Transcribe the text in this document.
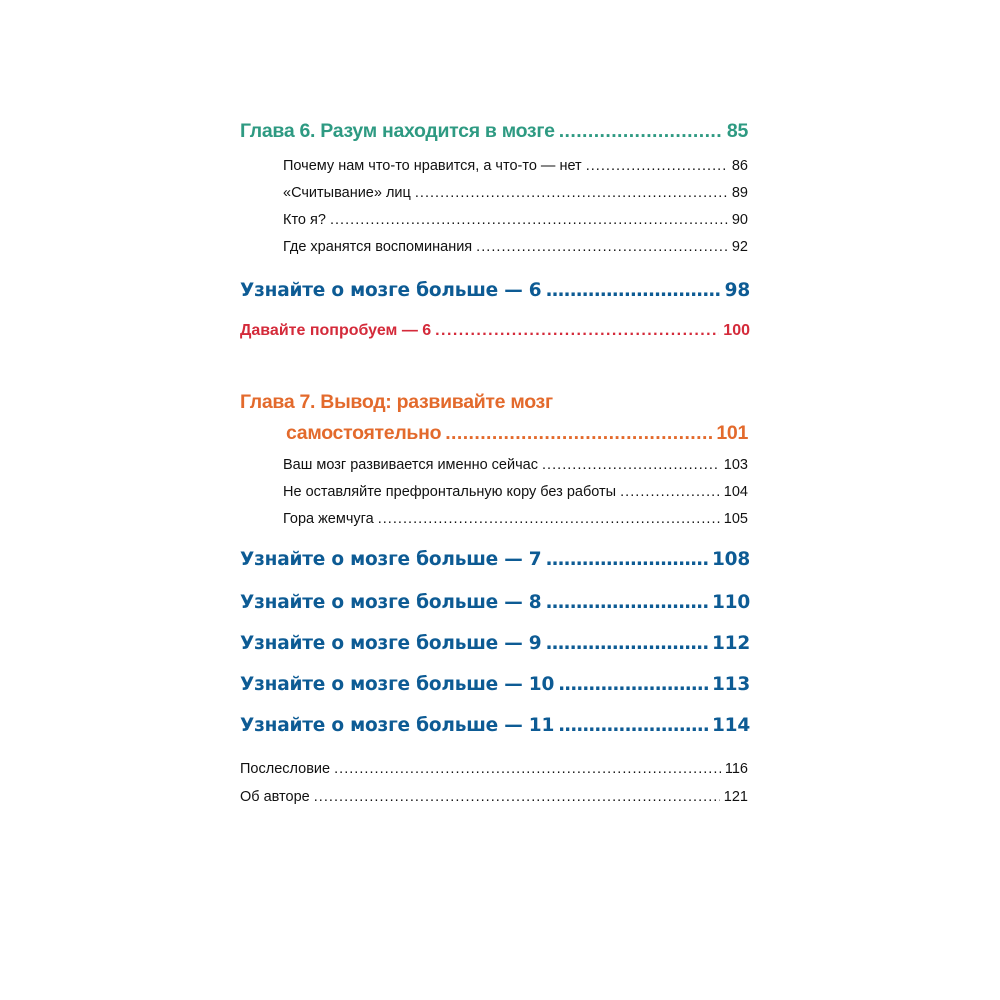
Глава 6. Разум находится в мозге . . .	85
Почему нам что-то нравится, а что-то — нет . . .	86
«Считывание» лиц . . .	89
Кто я? . . .	90
Где хранятся воспоминания . . .	92
Узнайте о мозге больше — 6 .....	98
Давайте попробуем — 6 . . .	100
Глава 7. Вывод: развивайте мозг
самостоятельно . . .	101
Ваш мозг развивается именно сейчас . . .	103
Не оставляйте префронтальную кору без работы . . .	104
Гора жемчуга . . .	105
Узнайте о мозге больше — 7 .....	108
Узнайте о мозге больше — 8 .....	110
Узнайте о мозге больше — 9 .....	112
Узнайте о мозге больше — 10 .....	113
Узнайте о мозге больше — 11 .....	114
Послесловие . . .	116
Об авторе . . .	121
